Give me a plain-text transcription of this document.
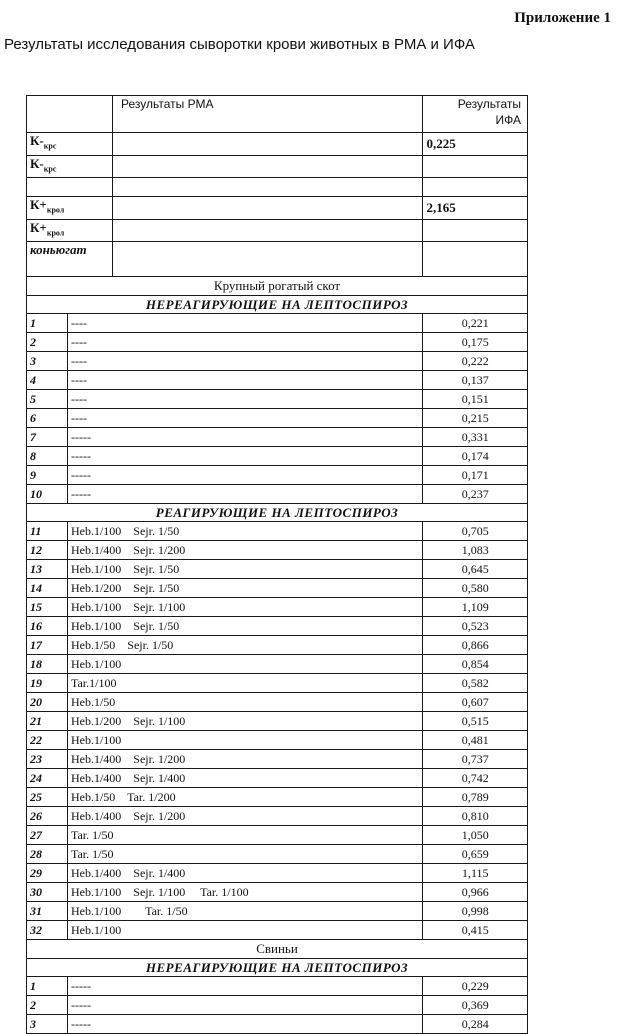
Приложение 1
Результаты исследования сыворотки крови животных в РМА и ИФА
		Результаты РМА	Результаты
ИФА

$К-_{крс}$			0,225
$К-_{крс}$		

$К+_{крол}$			2,165
$К+_{крол}$		
коньюгат			
Крупный рогатый скот			
НЕРЕАГИРУЮЩИЕ НА ЛЕПТОСПИРОЗ			
1	----		0,221
2	----		0,175
3	----		0,222
4	----		0,137
5	----		0,151
6	----		0,215
7	-----		0,331
8	-----		0,174
9	-----		0,171
10	-----		0,237
РЕАГИРУЮЩИЕ НА ЛЕПТОСПИРОЗ			
11	Heb.1/100    Sejr. 1/50		0,705
12	Heb.1/400    Sejr. 1/200		1,083
13	Heb.1/100    Sejr. 1/50		0,645
14	Heb.1/200    Sejr. 1/50		0,580
15	Heb.1/100    Sejr. 1/100		1,109
16	Heb.1/100    Sejr. 1/50		0,523
17	Heb.1/50    Sejr. 1/50		0,866
18	Heb.1/100		0,854
19	Tar.1/100		0,582
20	Heb.1/50		0,607
21	Heb.1/200    Sejr. 1/100		0,515
22	Heb.1/100		0,481
23	Heb.1/400    Sejr. 1/200		0,737
24	Heb.1/400    Sejr. 1/400		0,742
25	Heb.1/50    Tar. 1/200		0,789
26	Heb.1/400    Sejr. 1/200		0,810
27	Tar. 1/50		1,050
28	Tar. 1/50		0,659
29	Heb.1/400    Sejr. 1/400		1,115
30	Heb.1/100    Sejr. 1/100     Tar. 1/100		0,966
31	Heb.1/100        Tar. 1/50		0,998
32	Heb.1/100		0,415
Свиньи			
НЕРЕАГИРУЮЩИЕ НА ЛЕПТОСПИРОЗ			
1	-----		0,229
2	-----		0,369
3	-----		0,284
